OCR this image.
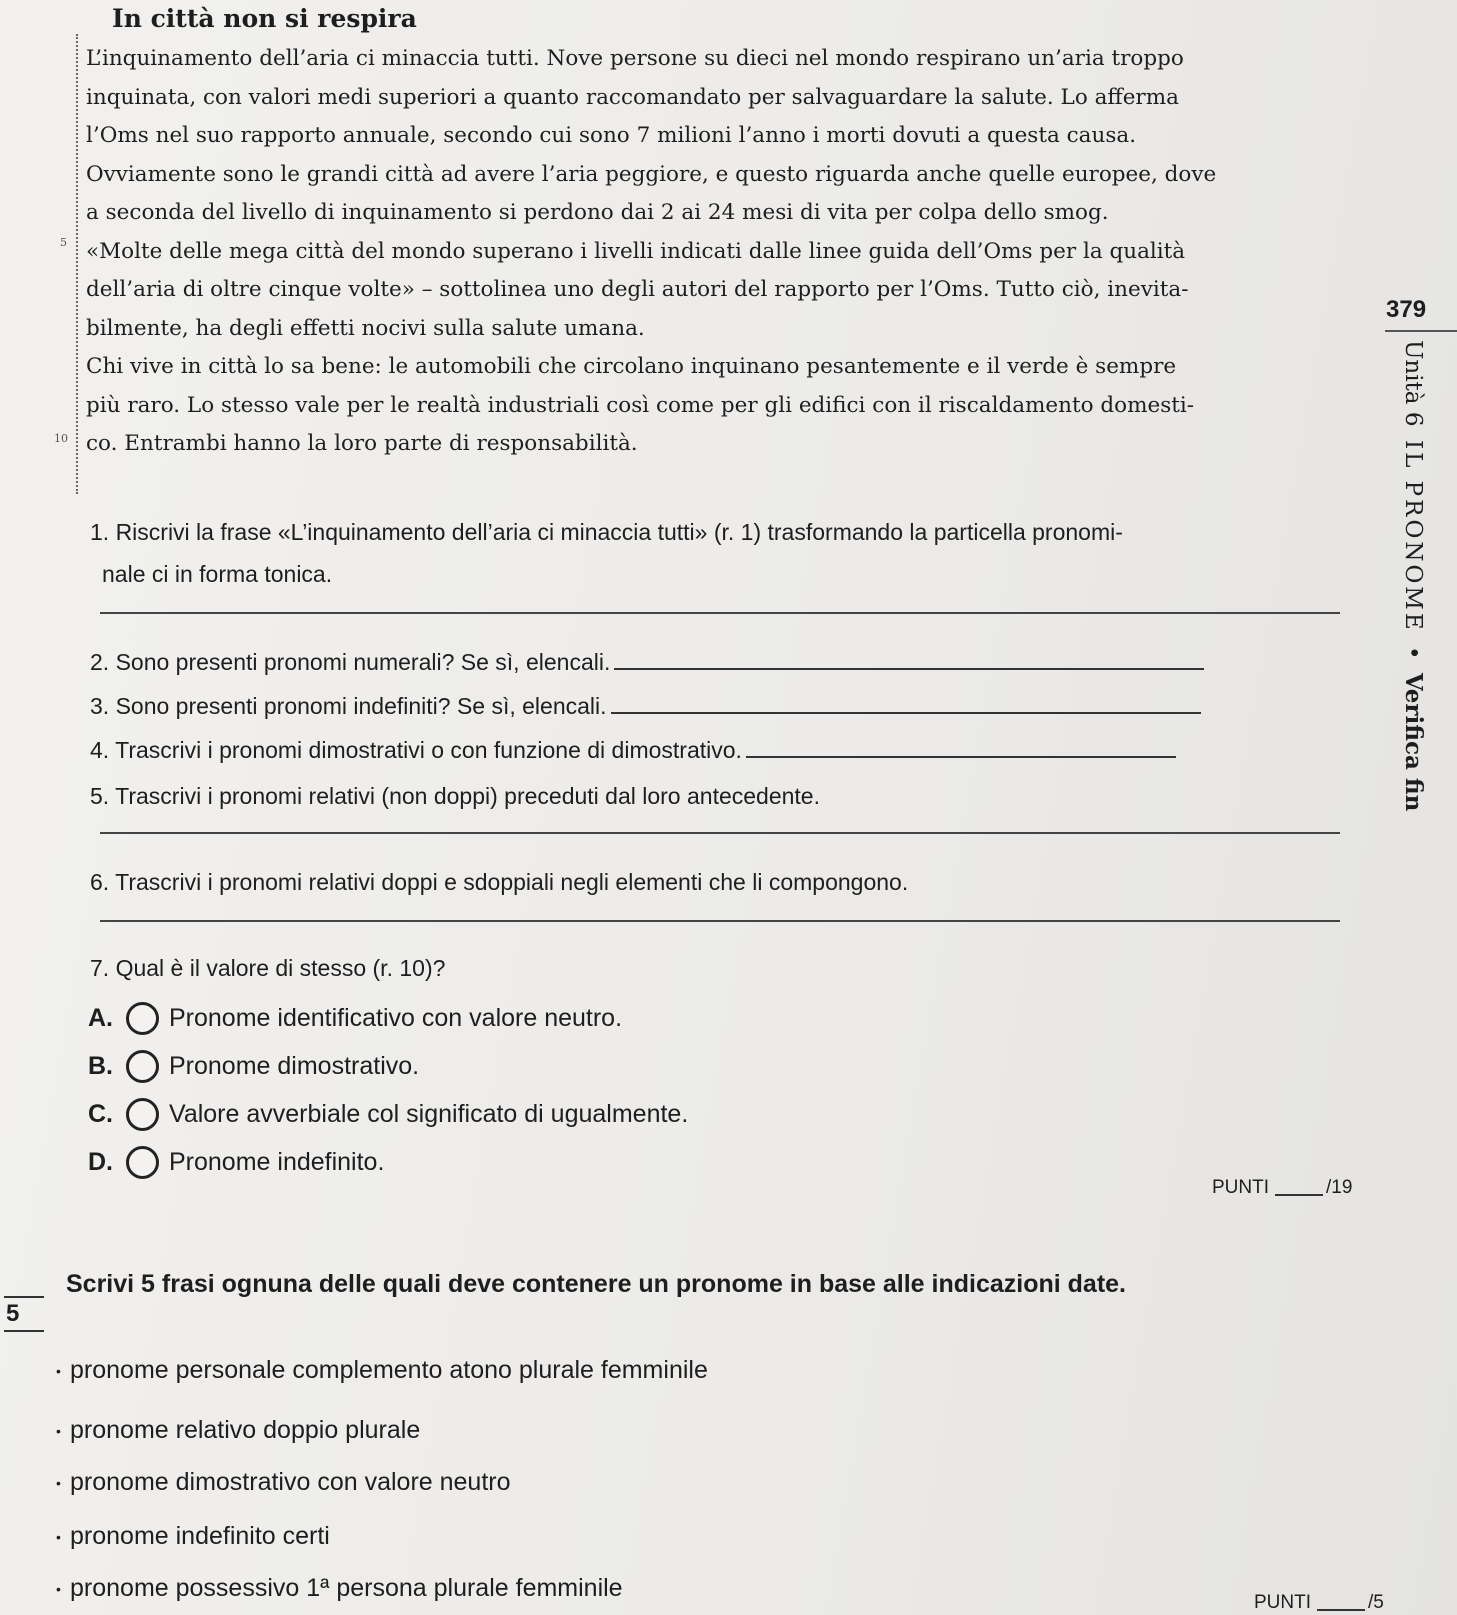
In città non si respira
5
10

L’inquinamento dell’aria ci minaccia tutti. Nove persone su dieci nel mondo respirano un’aria troppo

inquinata, con valori medi superiori a quanto raccomandato per salvaguardare la salute. Lo afferma

l’Oms nel suo rapporto annuale, secondo cui sono 7 milioni l’anno i morti dovuti a questa causa.

Ovviamente sono le grandi città ad avere l’aria peggiore, e questo riguarda anche quelle europee, dove

a seconda del livello di inquinamento si perdono dai 2 ai 24 mesi di vita per colpa dello smog.

«Molte delle mega città del mondo superano i livelli indicati dalle linee guida dell’Oms per la qualità

dell’aria di oltre cinque volte» – sottolinea uno degli autori del rapporto per l’Oms. Tutto ciò, inevita-

bilmente, ha degli effetti nocivi sulla salute umana.

Chi vive in città lo sa bene: le automobili che circolano inquinano pesantemente e il verde è sempre

più raro. Lo stesso vale per le realtà industriali così come per gli edifici con il riscaldamento domesti-

co. Entrambi hanno la loro parte di responsabilità.

379
Unità 6 IL PRONOME • Verifica fin
1. Riscrivi la frase «L’inquinamento dell’aria ci minaccia tutti» (r. 1) trasformando la particella pronomi-
nale ci in forma tonica.
2. Sono presenti pronomi numerali? Se sì, elencali.
3. Sono presenti pronomi indefiniti? Se sì, elencali.
4. Trascrivi i pronomi dimostrativi o con funzione di dimostrativo.
5. Trascrivi i pronomi relativi (non doppi) preceduti dal loro antecedente.
6. Trascrivi i pronomi relativi doppi e sdoppiali negli elementi che li compongono.
7. Qual è il valore di stesso (r. 10)?
A.	Pronome identificativo con valore neutro.
B.	Pronome dimostrativo.
C.	Valore avverbiale col significato di ugualmente.
D.	Pronome indefinito.
PUNTI	/19
5
Scrivi 5 frasi ognuna delle quali deve contenere un pronome in base alle indicazioni date.
• pronome personale complemento atono plurale femminile
• pronome relativo doppio plurale
• pronome dimostrativo con valore neutro
• pronome indefinito certi
• pronome possessivo 1ª persona plurale femminile
PUNTI	/5
